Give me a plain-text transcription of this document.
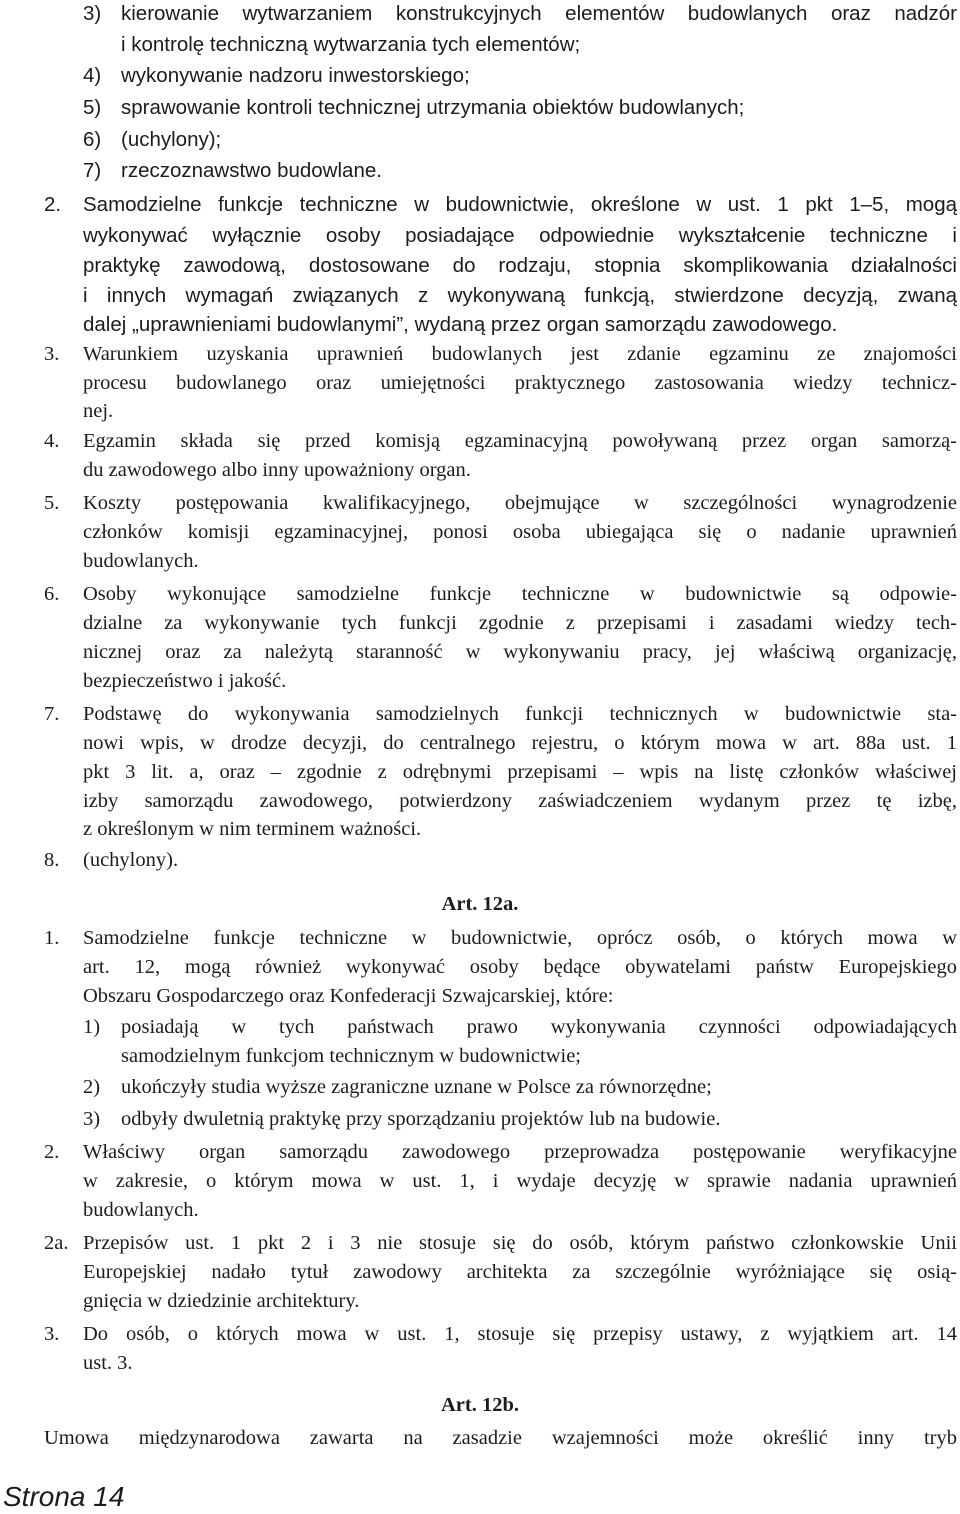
3) kierowanie wytwarzaniem konstrukcyjnych elementów budowlanych oraz nadzór
i kontrolę techniczną wytwarzania tych elementów;
4) wykonywanie nadzoru inwestorskiego;
5) sprawowanie kontroli technicznej utrzymania obiektów budowlanych;
6) (uchylony);
7) rzeczoznawstwo budowlane.
2. Samodzielne funkcje techniczne w budownictwie, określone w ust. 1 pkt 1–5, mogą
wykonywać wyłącznie osoby posiadające odpowiednie wykształcenie techniczne i
praktykę zawodową, dostosowane do rodzaju, stopnia skomplikowania działalności
i innych wymagań związanych z wykonywaną funkcją, stwierdzone decyzją, zwaną
dalej „uprawnieniami budowlanymi”, wydaną przez organ samorządu zawodowego.
3. Warunkiem uzyskania uprawnień budowlanych jest zdanie egzaminu ze znajomości
procesu budowlanego oraz umiejętności praktycznego zastosowania wiedzy technicz-
nej.
4. Egzamin składa się przed komisją egzaminacyjną powoływaną przez organ samorzą-
du zawodowego albo inny upoważniony organ.
5. Koszty postępowania kwalifikacyjnego, obejmujące w szczególności wynagrodzenie
członków komisji egzaminacyjnej, ponosi osoba ubiegająca się o nadanie uprawnień
budowlanych.
6. Osoby wykonujące samodzielne funkcje techniczne w budownictwie są odpowie-
dzialne za wykonywanie tych funkcji zgodnie z przepisami i zasadami wiedzy tech-
nicznej oraz za należytą staranność w wykonywaniu pracy, jej właściwą organizację,
bezpieczeństwo i jakość.
7. Podstawę do wykonywania samodzielnych funkcji technicznych w budownictwie sta-
nowi wpis, w drodze decyzji, do centralnego rejestru, o którym mowa w art. 88a ust. 1
pkt 3 lit. a, oraz – zgodnie z odrębnymi przepisami – wpis na listę członków właściwej
izby samorządu zawodowego, potwierdzony zaświadczeniem wydanym przez tę izbę,
z określonym w nim terminem ważności.
8. (uchylony).
Art. 12a.
1. Samodzielne funkcje techniczne w budownictwie, oprócz osób, o których mowa w
art. 12, mogą również wykonywać osoby będące obywatelami państw Europejskiego
Obszaru Gospodarczego oraz Konfederacji Szwajcarskiej, które:
1) posiadają w tych państwach prawo wykonywania czynności odpowiadających
samodzielnym funkcjom technicznym w budownictwie;
2) ukończyły studia wyższe zagraniczne uznane w Polsce za równorzędne;
3) odbyły dwuletnią praktykę przy sporządzaniu projektów lub na budowie.
2. Właściwy organ samorządu zawodowego przeprowadza postępowanie weryfikacyjne
w zakresie, o którym mowa w ust. 1, i wydaje decyzję w sprawie nadania uprawnień
budowlanych.
2a. Przepisów ust. 1 pkt 2 i 3 nie stosuje się do osób, którym państwo członkowskie Unii
Europejskiej nadało tytuł zawodowy architekta za szczególnie wyróżniające się osią-
gnięcia w dziedzinie architektury.
3. Do osób, o których mowa w ust. 1, stosuje się przepisy ustawy, z wyjątkiem art. 14
ust. 3.
Art. 12b.
Umowa międzynarodowa zawarta na zasadzie wzajemności może określić inny tryb
Strona 14
